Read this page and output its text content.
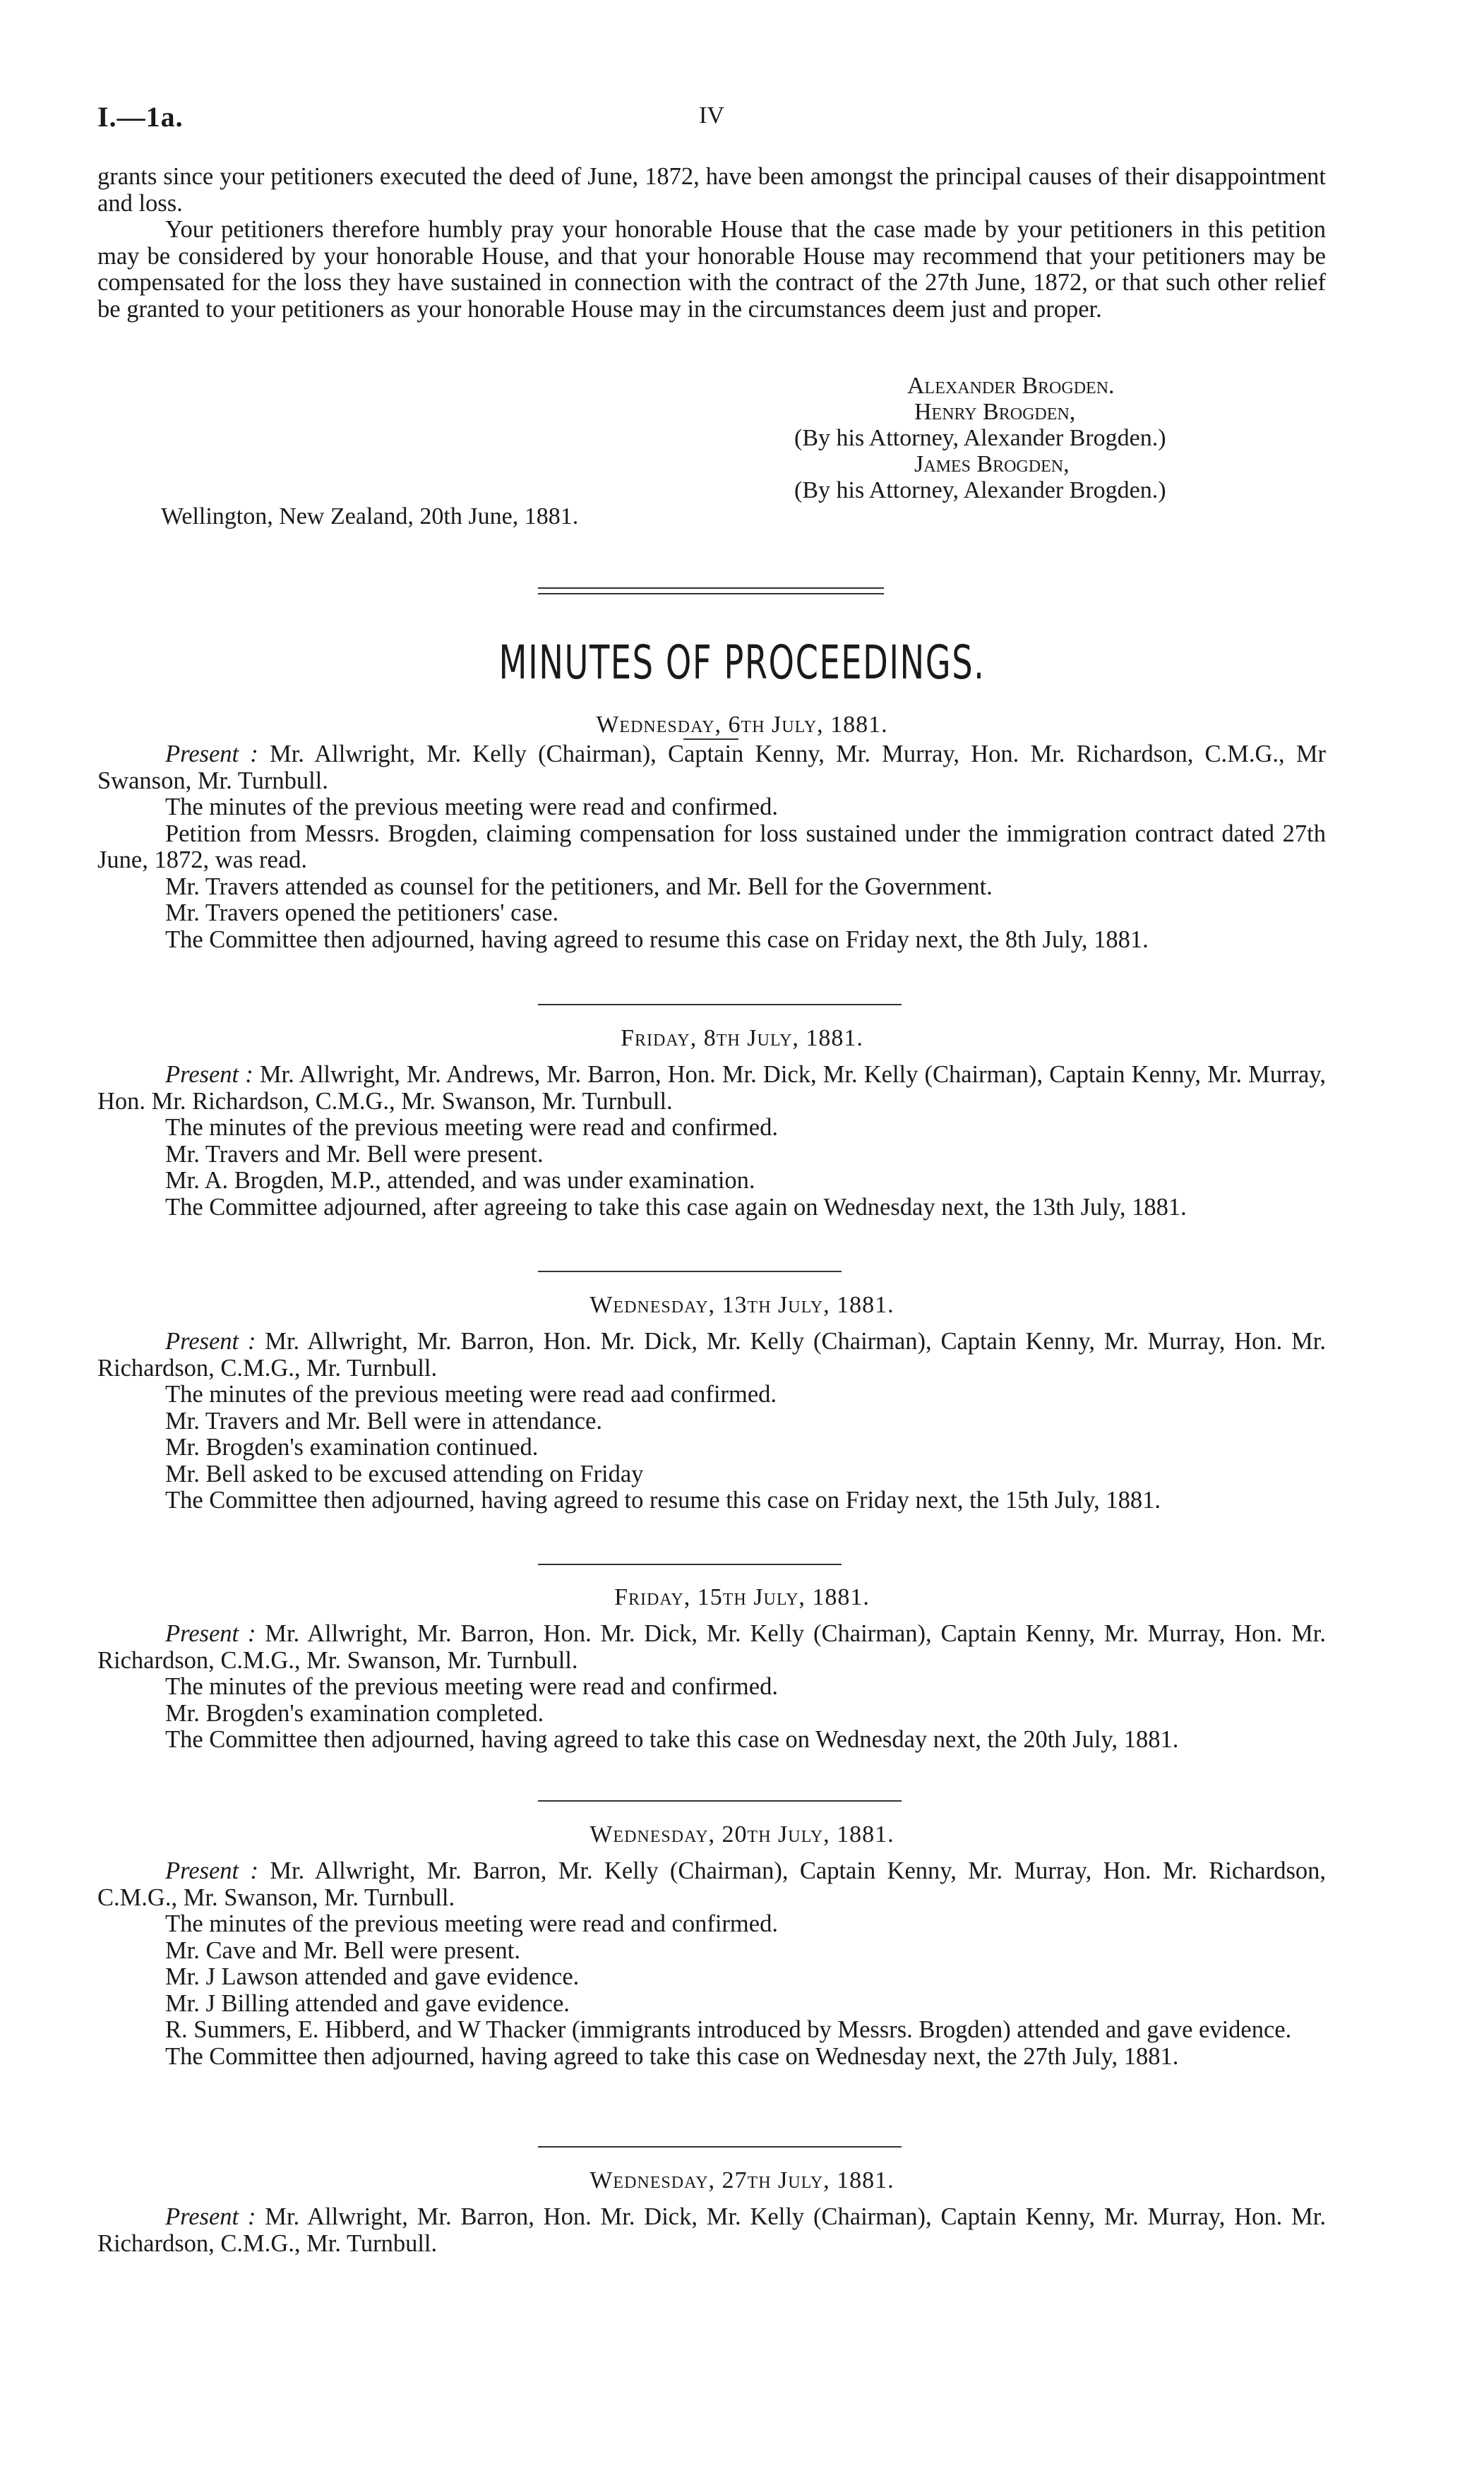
I.—1a.	IV

grants since your petitioners executed the deed of June, 1872, have been amongst the principal causes of their disappointment and loss.

Your petitioners therefore humbly pray your honorable House that the case made by your petitioners in this petition may be considered by your honorable House, and that your honorable House may recommend that your petitioners may be compensated for the loss they have sustained in connection with the contract of the 27th June, 1872, or that such other relief be granted to your petitioners as your honorable House may in the circumstances deem just and proper.

Alexander Brogden.
Henry Brogden,
(By his Attorney, Alexander Brogden.)
James Brogden,
(By his Attorney, Alexander Brogden.)
Wellington, New Zealand, 20th June, 1881.
MINUTES OF PROCEEDINGS.
Wednesday, 6th July, 1881.

Present : Mr. Allwright, Mr. Kelly (Chairman), Captain Kenny, Mr. Murray, Hon. Mr. Richardson, C.M.G., Mr Swanson, Mr. Turnbull.

The minutes of the previous meeting were read and confirmed.

Petition from Messrs. Brogden, claiming compensation for loss sustained under the immigration contract dated 27th June, 1872, was read.

Mr. Travers attended as counsel for the petitioners, and Mr. Bell for the Government.

Mr. Travers opened the petitioners' case.

The Committee then adjourned, having agreed to resume this case on Friday next, the 8th July, 1881.

Friday, 8th July, 1881.

Present : Mr. Allwright, Mr. Andrews, Mr. Barron, Hon. Mr. Dick, Mr. Kelly (Chairman), Captain Kenny, Mr. Murray, Hon. Mr. Richardson, C.M.G., Mr. Swanson, Mr. Turnbull.

The minutes of the previous meeting were read and confirmed.

Mr. Travers and Mr. Bell were present.

Mr. A. Brogden, M.P., attended, and was under examination.

The Committee adjourned, after agreeing to take this case again on Wednesday next, the 13th July, 1881.

Wednesday, 13th July, 1881.

Present : Mr. Allwright, Mr. Barron, Hon. Mr. Dick, Mr. Kelly (Chairman), Captain Kenny, Mr. Murray, Hon. Mr. Richardson, C.M.G., Mr. Turnbull.

The minutes of the previous meeting were read aad confirmed.

Mr. Travers and Mr. Bell were in attendance.

Mr. Brogden's examination continued.

Mr. Bell asked to be excused attending on Friday

The Committee then adjourned, having agreed to resume this case on Friday next, the 15th July, 1881.

Friday, 15th July, 1881.

Present : Mr. Allwright, Mr. Barron, Hon. Mr. Dick, Mr. Kelly (Chairman), Captain Kenny, Mr. Murray, Hon. Mr. Richardson, C.M.G., Mr. Swanson, Mr. Turnbull.

The minutes of the previous meeting were read and confirmed.

Mr. Brogden's examination completed.

The Committee then adjourned, having agreed to take this case on Wednesday next, the 20th July, 1881.

Wednesday, 20th July, 1881.

Present : Mr. Allwright, Mr. Barron, Mr. Kelly (Chairman), Captain Kenny, Mr. Murray, Hon. Mr. Richardson, C.M.G., Mr. Swanson, Mr. Turnbull.

The minutes of the previous meeting were read and confirmed.

Mr. Cave and Mr. Bell were present.

Mr. J Lawson attended and gave evidence.

Mr. J Billing attended and gave evidence.

R. Summers, E. Hibberd, and W Thacker (immigrants introduced by Messrs. Brogden) attended and gave evidence.

The Committee then adjourned, having agreed to take this case on Wednesday next, the 27th July, 1881.

Wednesday, 27th July, 1881.

Present : Mr. Allwright, Mr. Barron, Hon. Mr. Dick, Mr. Kelly (Chairman), Captain Kenny, Mr. Murray, Hon. Mr. Richardson, C.M.G., Mr. Turnbull.
